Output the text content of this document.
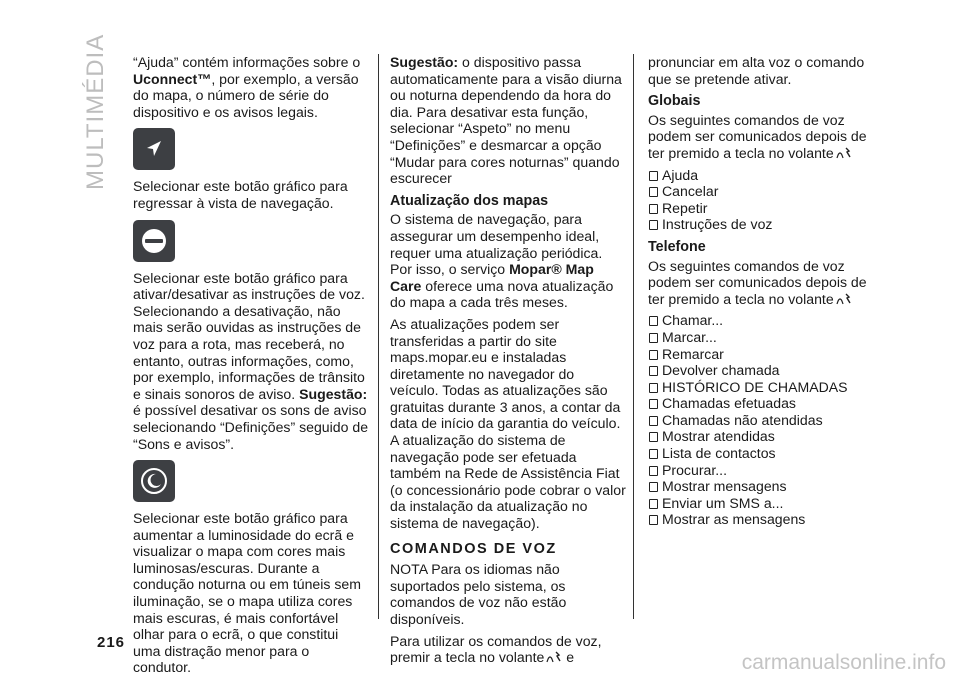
MULTIMÉDIA “Ajuda” contém informações sobre o Uconnect™, por exemplo, a versão do mapa, o número de série do dispositivo e os avisos legais.

Selecionar este botão gráfico para regressar à vista de navegação.

Selecionar este botão gráfico para ativar/desativar as instruções de voz. Selecionando a desativação, não mais serão ouvidas as instruções de voz para a rota, mas receberá, no entanto, outras informações, como, por exemplo, informações de trânsito e sinais sonoros de aviso. Sugestão: é possível desativar os sons de aviso selecionando “Definições” seguido de “Sons e avisos”.

Selecionar este botão gráfico para aumentar a luminosidade do ecrã e visualizar o mapa com cores mais luminosas/escuras. Durante a condução noturna ou em túneis sem iluminação, se o mapa utiliza cores mais escuras, é mais confortável olhar para o ecrã, o que constitui uma distração menor para o condutor.

Sugestão: o dispositivo passa automaticamente para a visão diurna ou noturna dependendo da hora do dia. Para desativar esta função, selecionar “Aspeto” no menu “Definições” e desmarcar a opção “Mudar para cores noturnas” quando escurecer

Atualização dos mapas

O sistema de navegação, para assegurar um desempenho ideal, requer uma atualização periódica. Por isso, o serviço Mopar® Map Care oferece uma nova atualização do mapa a cada três meses.

As atualizações podem ser transferidas a partir do site maps.mopar.eu e instaladas diretamente no navegador do veículo. Todas as atualizações são gratuitas durante 3 anos, a contar da data de início da garantia do veículo. A atualização do sistema de navegação pode ser efetuada também na Rede de Assistência Fiat (o concessionário pode cobrar o valor da instalação da atualização no sistema de navegação).

COMANDOS DE VOZ

NOTA Para os idiomas não suportados pelo sistema, os comandos de voz não estão disponíveis.

Para utilizar os comandos de voz, premir a tecla no volante e

pronunciar em alta voz o comando que se pretende ativar.

Globais

Os seguintes comandos de voz podem ser comunicados depois de ter premido a tecla no volante

Ajuda
Cancelar
Repetir
Instruções de voz
Telefone

Os seguintes comandos de voz podem ser comunicados depois de ter premido a tecla no volante

Chamar...
Marcar...
Remarcar
Devolver chamada
HISTÓRICO DE CHAMADAS
Chamadas efetuadas
Chamadas não atendidas
Mostrar atendidas
Lista de contactos
Procurar...
Mostrar mensagens
Enviar um SMS a...
Mostrar as mensagens
216
carmanualsonline.info
